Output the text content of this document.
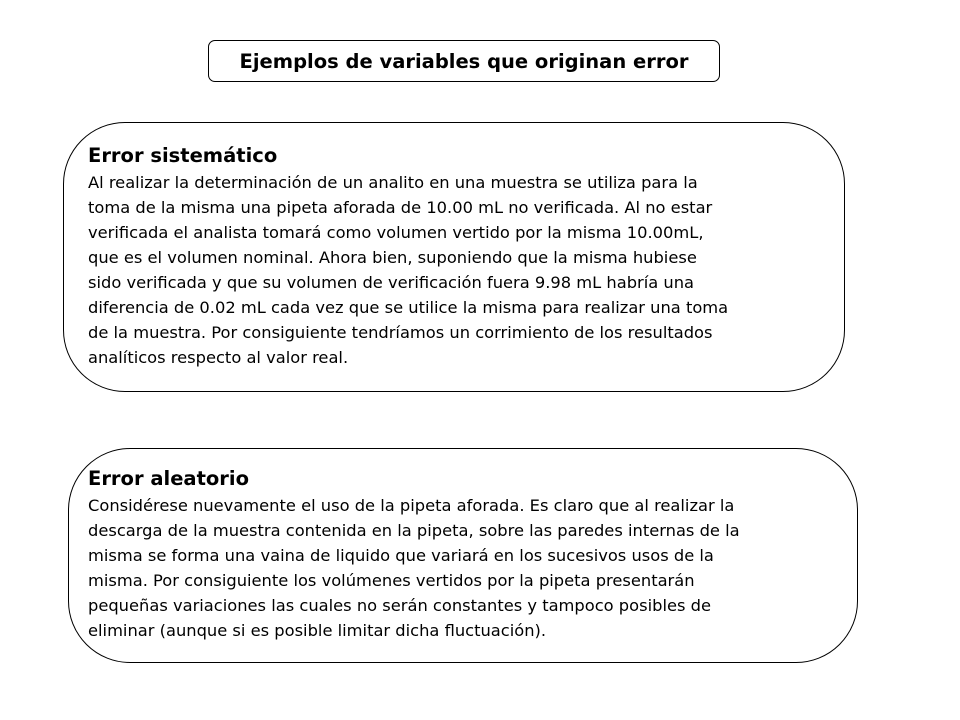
Ejemplos de variables que originan error
Error sistemático
Al realizar la determinación de un analito en una muestra se utiliza para la
toma de la misma una pipeta aforada de 10.00 mL no verificada. Al no estar
verificada el analista tomará como volumen vertido por la misma 10.00mL,
que es el volumen nominal. Ahora bien, suponiendo que la misma hubiese
sido verificada y que su volumen de verificación fuera 9.98 mL habría una
diferencia de 0.02 mL cada vez que se utilice la misma para realizar una toma
de la muestra. Por consiguiente tendríamos un corrimiento de los resultados
analíticos respecto al valor real.
Error aleatorio
Considérese nuevamente el uso de la pipeta aforada. Es claro que al realizar la
descarga de la muestra contenida en la pipeta, sobre las paredes internas de la
misma se forma una vaina de liquido que variará en los sucesivos usos de la
misma. Por consiguiente los volúmenes vertidos por la pipeta presentarán
pequeñas variaciones las cuales no serán constantes y tampoco posibles de
eliminar (aunque si es posible limitar dicha fluctuación).
